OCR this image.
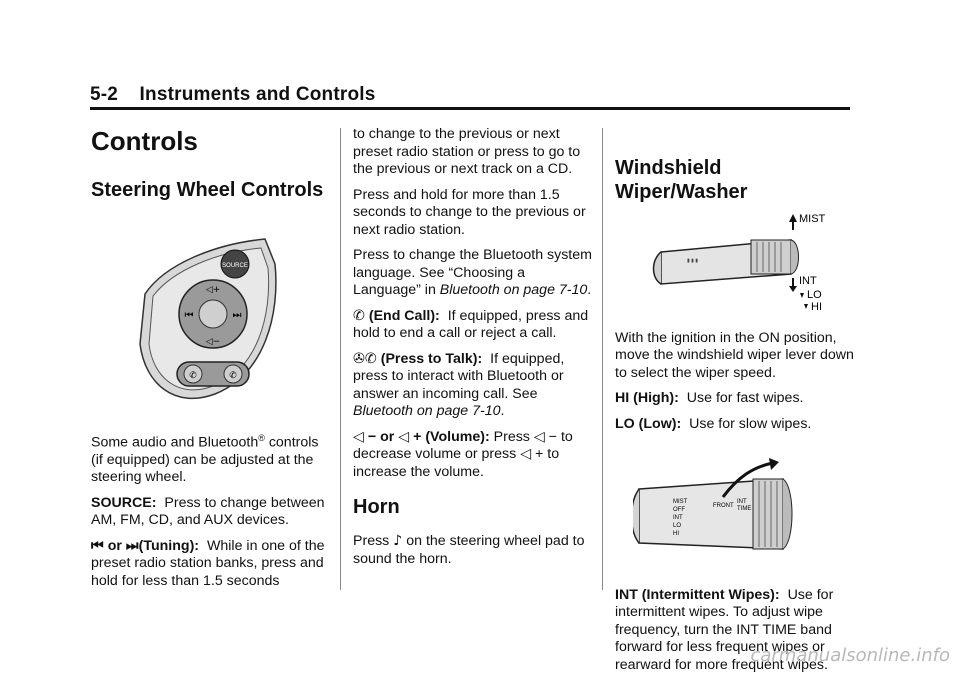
5-2 Instruments and Controls
Controls
Steering Wheel Controls
SOURCE
◁+
◁−
⏮	⏭
✆
✆

Some audio and Bluetooth® controls (if equipped) can be adjusted at the steering wheel.

SOURCE: Press to change between AM, FM, CD, and AUX devices.

⏮ or ⏭(Tuning): While in one of the preset radio station banks, press and hold for less than 1.5 seconds

to change to the previous or next preset radio station or press to go to the previous or next track on a CD.

Press and hold for more than 1.5 seconds to change to the previous or next radio station.

Press to change the Bluetooth system language. See “Choosing a Language” in Bluetooth on page 7-10.

✆ (End Call): If equipped, press and hold to end a call or reject a call.

✇✆ (Press to Talk): If equipped, press to interact with Bluetooth or answer an incoming call. See Bluetooth on page 7-10.

◁ − or ◁ + (Volume): Press ◁ − to decrease volume or press ◁ + to increase the volume.

Horn

Press ♪ on the steering wheel pad to sound the horn.

Windshield Wiper/Washer
▮ ▮ ▮
MIST
INT
LO
HI

With the ignition in the ON position, move the windshield wiper lever down to select the wiper speed.

HI (High): Use for fast wipes.

LO (Low): Use for slow wipes.

MIST
OFF
INT
LO
HI
FRONT
INT
TIME

INT (Intermittent Wipes): Use for intermittent wipes. To adjust wipe frequency, turn the INT TIME band forward for less frequent wipes or rearward for more frequent wipes.

carmanualsonline.info
